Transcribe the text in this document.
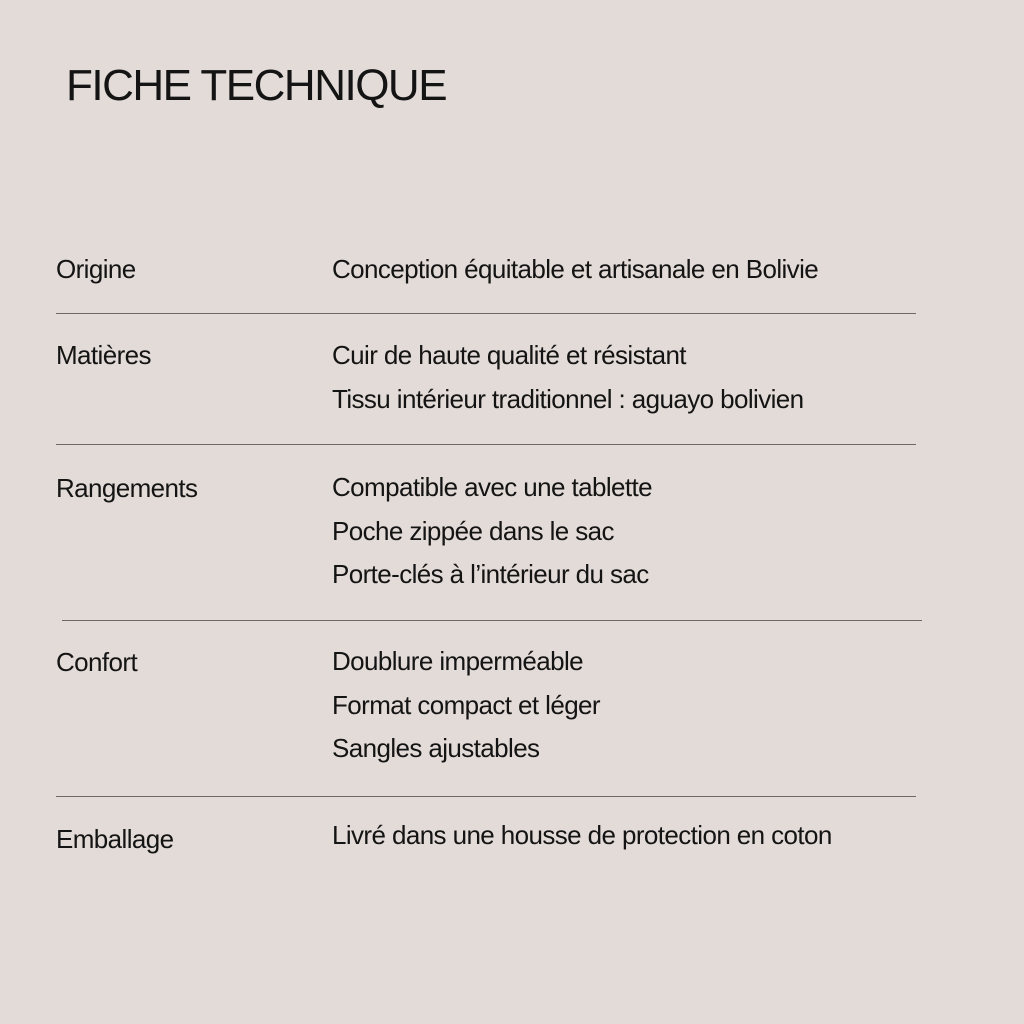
FICHE TECHNIQUE
Origine	Conception équitable et artisanale en Bolivie
Matières	Cuir de haute qualité et résistant
Tissu intérieur traditionnel : aguayo bolivien
Rangements	Compatible avec une tablette
Poche zippée dans le sac
Porte-clés à l’intérieur du sac
Confort	Doublure imperméable
Format compact et léger
Sangles ajustables
Emballage	Livré dans une housse de protection en coton
